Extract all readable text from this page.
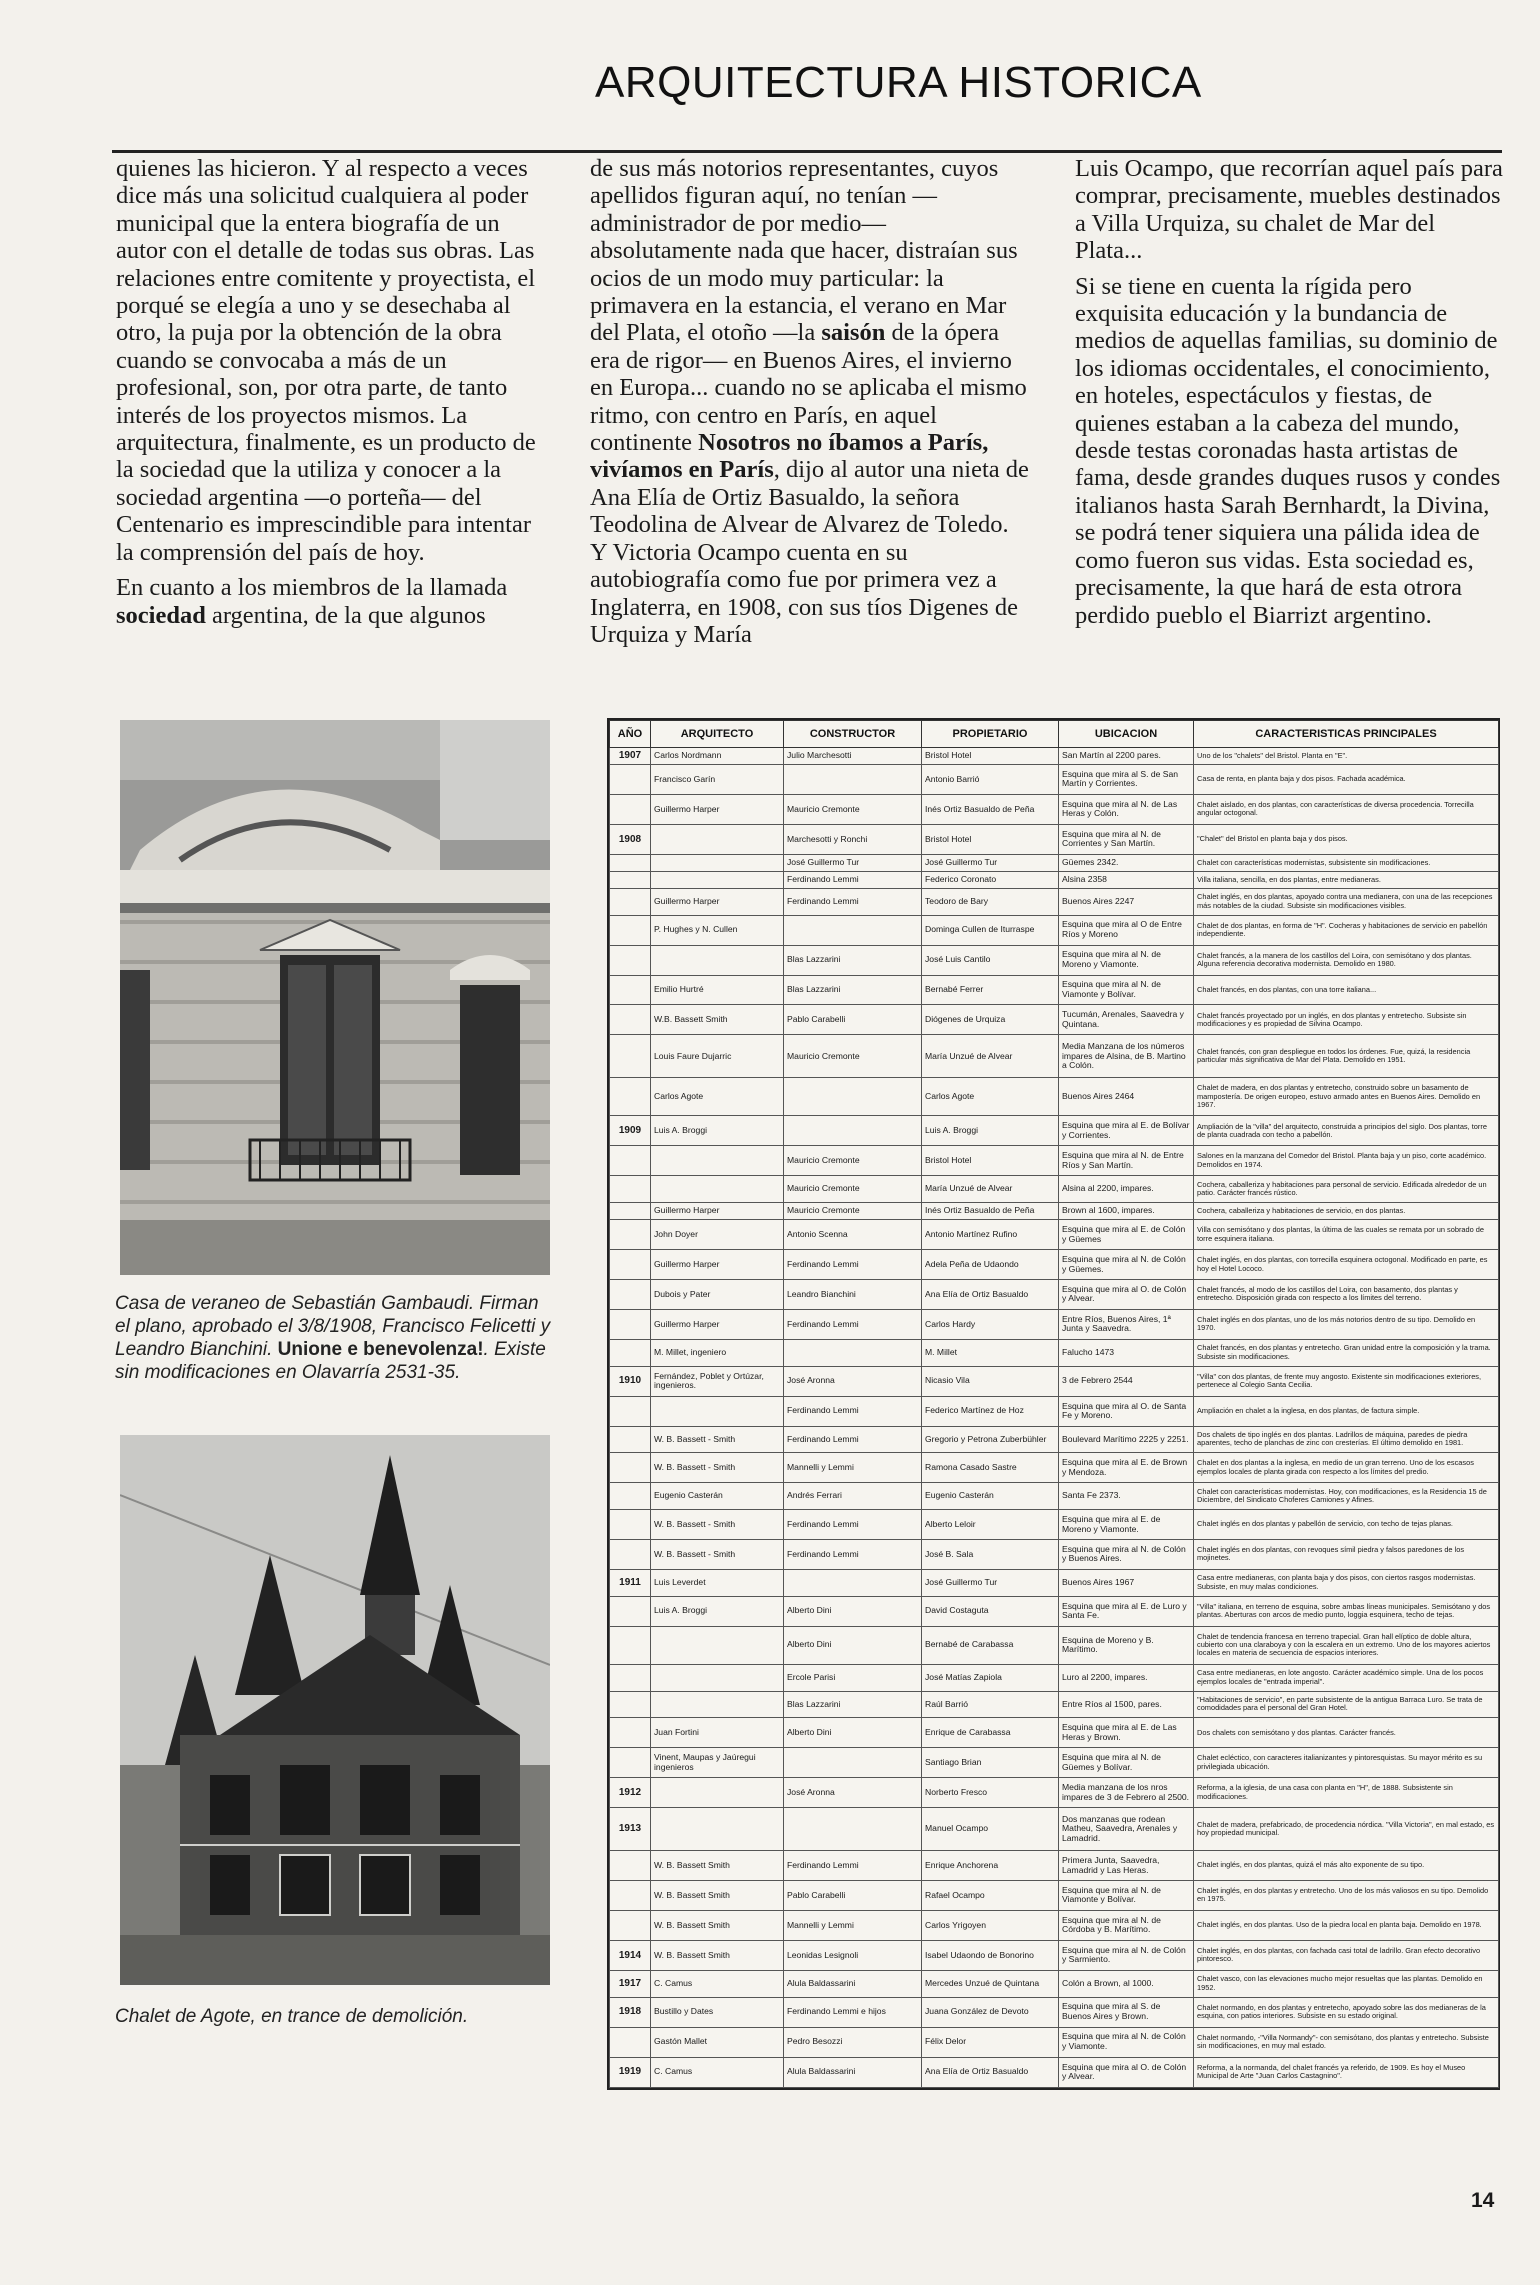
ARQUITECTURA HISTORICA

quienes las hicieron. Y al respecto a veces dice más una solicitud cualquiera al poder municipal que la entera biografía de un autor con el detalle de todas sus obras. Las relaciones entre comitente y proyectista, el porqué se elegía a uno y se desechaba al otro, la puja por la obtención de la obra cuando se convocaba a más de un profesional, son, por otra parte, de tanto interés de los proyectos mismos. La arquitectura, finalmente, es un producto de la sociedad que la utiliza y conocer a la sociedad argentina —o porteña— del Centenario es imprescindible para intentar la comprensión del país de hoy.

En cuanto a los miembros de la llamada sociedad argentina, de la que algunos

de sus más notorios representantes, cuyos apellidos figuran aquí, no tenían —administrador de por medio— absolutamente nada que hacer, distraían sus ocios de un modo muy particular: la primavera en la estancia, el verano en Mar del Plata, el otoño —la saisón de la ópera era de rigor— en Buenos Aires, el invierno en Europa... cuando no se aplicaba el mismo ritmo, con centro en París, en aquel continente Nosotros no íbamos a París, vivíamos en París, dijo al autor una nieta de Ana Elía de Ortiz Basualdo, la señora Teodolina de Alvear de Alvarez de Toledo. Y Victoria Ocampo cuenta en su autobiografía como fue por primera vez a Inglaterra, en 1908, con sus tíos Digenes de Urquiza y María

Luis Ocampo, que recorrían aquel país para comprar, precisamente, muebles destinados a Villa Urquiza, su chalet de Mar del Plata...

Si se tiene en cuenta la rígida pero exquisita educación y la bundancia de medios de aquellas familias, su dominio de los idiomas occidentales, el conocimiento, en hoteles, espectáculos y fiestas, de quienes estaban a la cabeza del mundo, desde testas coronadas hasta artistas de fama, desde grandes duques rusos y condes italianos hasta Sarah Bernhardt, la Divina, se podrá tener siquiera una pálida idea de como fueron sus vidas. Esta sociedad es, precisamente, la que hará de esta otrora perdido pueblo el Biarrizt argentino.

Casa de veraneo de Sebastián Gambaudi. Firman el plano, aprobado el 3/8/1908, Francisco Felicetti y Leandro Bianchini. Unione e benevolenza!. Existe sin modificaciones en Olavarría 2531-35.
Chalet de Agote, en trance de demolición.
AÑO	ARQUITECTO	CONSTRUCTOR	PROPIETARIO	UBICACION	CARACTERISTICAS PRINCIPALES
1907	Carlos Nordmann	Julio Marchesotti	Bristol Hotel	San Martín al 2200 pares.	Uno de los "chalets" del Bristol. Planta en "E".
	Francisco Garín		Antonio Barrió	Esquina que mira al S. de San Martín y Corrientes.	Casa de renta, en planta baja y dos pisos. Fachada académica.
	Guillermo Harper	Mauricio Cremonte	Inés Ortiz Basualdo de Peña	Esquina que mira al N. de Las Heras y Colón.	Chalet aislado, en dos plantas, con características de diversa procedencia. Torrecilla angular octogonal.
1908		Marchesotti y Ronchi	Bristol Hotel	Esquina que mira al N. de Corrientes y San Martín.	"Chalet" del Bristol en planta baja y dos pisos.
		José Guillermo Tur	José Guillermo Tur	Güemes 2342.	Chalet con características modernistas, subsistente sin modificaciones.
		Ferdinando Lemmi	Federico Coronato	Alsina 2358	Villa italiana, sencilla, en dos plantas, entre medianeras.
	Guillermo Harper	Ferdinando Lemmi	Teodoro de Bary	Buenos Aires 2247	Chalet inglés, en dos plantas, apoyado contra una medianera, con una de las recepciones más notables de la ciudad. Subsiste sin modificaciones visibles.
	P. Hughes y N. Cullen		Dominga Cullen de Iturraspe	Esquina que mira al O de Entre Ríos y Moreno	Chalet de dos plantas, en forma de "H". Cocheras y habitaciones de servicio en pabellón independiente.
		Blas Lazzarini	José Luis Cantilo	Esquina que mira al N. de Moreno y Viamonte.	Chalet francés, a la manera de los castillos del Loira, con semisótano y dos plantas. Alguna referencia decorativa modernista. Demolido en 1980.
	Emilio Hurtré	Blas Lazzarini	Bernabé Ferrer	Esquina que mira al N. de Viamonte y Bolívar.	Chalet francés, en dos plantas, con una torre italiana...
	W.B. Bassett Smith	Pablo Carabelli	Diógenes de Urquiza	Tucumán, Arenales, Saavedra y Quintana.	Chalet francés proyectado por un inglés, en dos plantas y entretecho. Subsiste sin modificaciones y es propiedad de Silvina Ocampo.
	Louis Faure Dujarric	Mauricio Cremonte	María Unzué de Alvear	Media Manzana de los números impares de Alsina, de B. Martino a Colón.	Chalet francés, con gran despliegue en todos los órdenes. Fue, quizá, la residencia particular más significativa de Mar del Plata. Demolido en 1951.
	Carlos Agote		Carlos Agote	Buenos Aires 2464	Chalet de madera, en dos plantas y entretecho, construido sobre un basamento de mampostería. De origen europeo, estuvo armado antes en Buenos Aires. Demolido en 1967.
1909	Luis A. Broggi		Luis A. Broggi	Esquina que mira al E. de Bolívar y Corrientes.	Ampliación de la "villa" del arquitecto, construida a principios del siglo. Dos plantas, torre de planta cuadrada con techo a pabellón.
		Mauricio Cremonte	Bristol Hotel	Esquina que mira al N. de Entre Ríos y San Martín.	Salones en la manzana del Comedor del Bristol. Planta baja y un piso, corte académico. Demolidos en 1974.
		Mauricio Cremonte	María Unzué de Alvear	Alsina al 2200, impares.	Cochera, caballeriza y habitaciones para personal de servicio. Edificada alrededor de un patio. Carácter francés rústico.
	Guillermo Harper	Mauricio Cremonte	Inés Ortiz Basualdo de Peña	Brown al 1600, impares.	Cochera, caballeriza y habitaciones de servicio, en dos plantas.
	John Doyer	Antonio Scenna	Antonio Martínez Rufino	Esquina que mira al E. de Colón y Güemes	Villa con semisótano y dos plantas, la última de las cuales se remata por un sobrado de torre esquinera italiana.
	Guillermo Harper	Ferdinando Lemmi	Adela Peña de Udaondo	Esquina que mira al N. de Colón y Güemes.	Chalet inglés, en dos plantas, con torrecilla esquinera octogonal. Modificado en parte, es hoy el Hotel Lococo.
	Dubois y Pater	Leandro Bianchini	Ana Elía de Ortiz Basualdo	Esquina que mira al O. de Colón y Alvear.	Chalet francés, al modo de los castillos del Loira, con basamento, dos plantas y entretecho. Disposición girada con respecto a los límites del terreno.
	Guillermo Harper	Ferdinando Lemmi	Carlos Hardy	Entre Ríos, Buenos Aires, 1ª Junta y Saavedra.	Chalet inglés en dos plantas, uno de los más notorios dentro de su tipo. Demolido en 1970.
	M. Millet, ingeniero		M. Millet	Falucho 1473	Chalet francés, en dos plantas y entretecho. Gran unidad entre la composición y la trama. Subsiste sin modificaciones.
1910	Fernández, Poblet y Ortúzar, ingenieros.	José Aronna	Nicasio Vila	3 de Febrero 2544	"Villa" con dos plantas, de frente muy angosto. Existente sin modificaciones exteriores, pertenece al Colegio Santa Cecilia.
		Ferdinando Lemmi	Federico Martínez de Hoz	Esquina que mira al O. de Santa Fe y Moreno.	Ampliación en chalet a la inglesa, en dos plantas, de factura simple.
	W. B. Bassett - Smith	Ferdinando Lemmi	Gregorio y Petrona Zuberbühler	Boulevard Marítimo 2225 y 2251.	Dos chalets de tipo inglés en dos plantas. Ladrillos de máquina, paredes de piedra aparentes, techo de planchas de zinc con cresterías. El último demolido en 1981.
	W. B. Bassett - Smith	Mannelli y Lemmi	Ramona Casado Sastre	Esquina que mira al E. de Brown y Mendoza.	Chalet en dos plantas a la inglesa, en medio de un gran terreno. Uno de los escasos ejemplos locales de planta girada con respecto a los límites del predio.
	Eugenio Casterán	Andrés Ferrari	Eugenio Casterán	Santa Fe 2373.	Chalet con características modernistas. Hoy, con modificaciones, es la Residencia 15 de Diciembre, del Sindicato Choferes Camiones y Afines.
	W. B. Bassett - Smith	Ferdinando Lemmi	Alberto Leloir	Esquina que mira al E. de Moreno y Viamonte.	Chalet inglés en dos plantas y pabellón de servicio, con techo de tejas planas.
	W. B. Bassett - Smith	Ferdinando Lemmi	José B. Sala	Esquina que mira al N. de Colón y Buenos Aires.	Chalet inglés en dos plantas, con revoques símil piedra y falsos paredones de los mojinetes.
1911	Luis Leverdet		José Guillermo Tur	Buenos Aires 1967	Casa entre medianeras, con planta baja y dos pisos, con ciertos rasgos modernistas. Subsiste, en muy malas condiciones.
	Luis A. Broggi	Alberto Dini	David Costaguta	Esquina que mira al E. de Luro y Santa Fe.	"Villa" italiana, en terreno de esquina, sobre ambas líneas municipales. Semisótano y dos plantas. Aberturas con arcos de medio punto, loggia esquinera, techo de tejas.
		Alberto Dini	Bernabé de Carabassa	Esquina de Moreno y B. Marítimo.	Chalet de tendencia francesa en terreno trapecial. Gran hall elíptico de doble altura, cubierto con una claraboya y con la escalera en un extremo. Uno de los mayores aciertos locales en materia de secuencia de espacios interiores.
		Ercole Parisi	José Matías Zapiola	Luro al 2200, impares.	Casa entre medianeras, en lote angosto. Carácter académico simple. Una de los pocos ejemplos locales de "entrada imperial".
		Blas Lazzarini	Raúl Barrió	Entre Ríos al 1500, pares.	"Habitaciones de servicio", en parte subsistente de la antigua Barraca Luro. Se trata de comodidades para el personal del Gran Hotel.
	Juan Fortini	Alberto Dini	Enrique de Carabassa	Esquina que mira al E. de Las Heras y Brown.	Dos chalets con semisótano y dos plantas. Carácter francés.
	Vinent, Maupas y Jaúregui ingenieros		Santiago Brian	Esquina que mira al N. de Güemes y Bolívar.	Chalet ecléctico, con caracteres italianizantes y pintoresquistas. Su mayor mérito es su privilegiada ubicación.
1912		José Aronna	Norberto Fresco	Media manzana de los nros impares de 3 de Febrero al 2500.	Reforma, a la iglesia, de una casa con planta en "H", de 1888. Subsistente sin modificaciones.
1913			Manuel Ocampo	Dos manzanas que rodean Matheu, Saavedra, Arenales y Lamadrid.	Chalet de madera, prefabricado, de procedencia nórdica. "Villa Victoria", en mal estado, es hoy propiedad municipal.
	W. B. Bassett Smith	Ferdinando Lemmi	Enrique Anchorena	Primera Junta, Saavedra, Lamadrid y Las Heras.	Chalet inglés, en dos plantas, quizá el más alto exponente de su tipo.
	W. B. Bassett Smith	Pablo Carabelli	Rafael Ocampo	Esquina que mira al N. de Viamonte y Bolívar.	Chalet inglés, en dos plantas y entretecho. Uno de los más valiosos en su tipo. Demolido en 1975.
	W. B. Bassett Smith	Mannelli y Lemmi	Carlos Yrigoyen	Esquina que mira al N. de Córdoba y B. Marítimo.	Chalet inglés, en dos plantas. Uso de la piedra local en planta baja. Demolido en 1978.
1914	W. B. Bassett Smith	Leonidas Lesignoli	Isabel Udaondo de Bonorino	Esquina que mira al N. de Colón y Sarmiento.	Chalet inglés, en dos plantas, con fachada casi total de ladrillo. Gran efecto decorativo pintoresco.
1917	C. Camus	Alula Baldassarini	Mercedes Unzué de Quintana	Colón a Brown, al 1000.	Chalet vasco, con las elevaciones mucho mejor resueltas que las plantas. Demolido en 1952.
1918	Bustillo y Dates	Ferdinando Lemmi e hijos	Juana González de Devoto	Esquina que mira al S. de Buenos Aires y Brown.	Chalet normando, en dos plantas y entretecho, apoyado sobre las dos medianeras de la esquina, con patios interiores. Subsiste en su estado original.
	Gastón Mallet	Pedro Besozzi	Félix Delor	Esquina que mira al N. de Colón y Viamonte.	Chalet normando, -"Villa Normandy"- con semisótano, dos plantas y entretecho. Subsiste sin modificaciones, en muy mal estado.
1919	C. Camus	Alula Baldassarini	Ana Elía de Ortiz Basualdo	Esquina que mira al O. de Colón y Alvear.	Reforma, a la normanda, del chalet francés ya referido, de 1909. Es hoy el Museo Municipal de Arte "Juan Carlos Castagnino".
14
